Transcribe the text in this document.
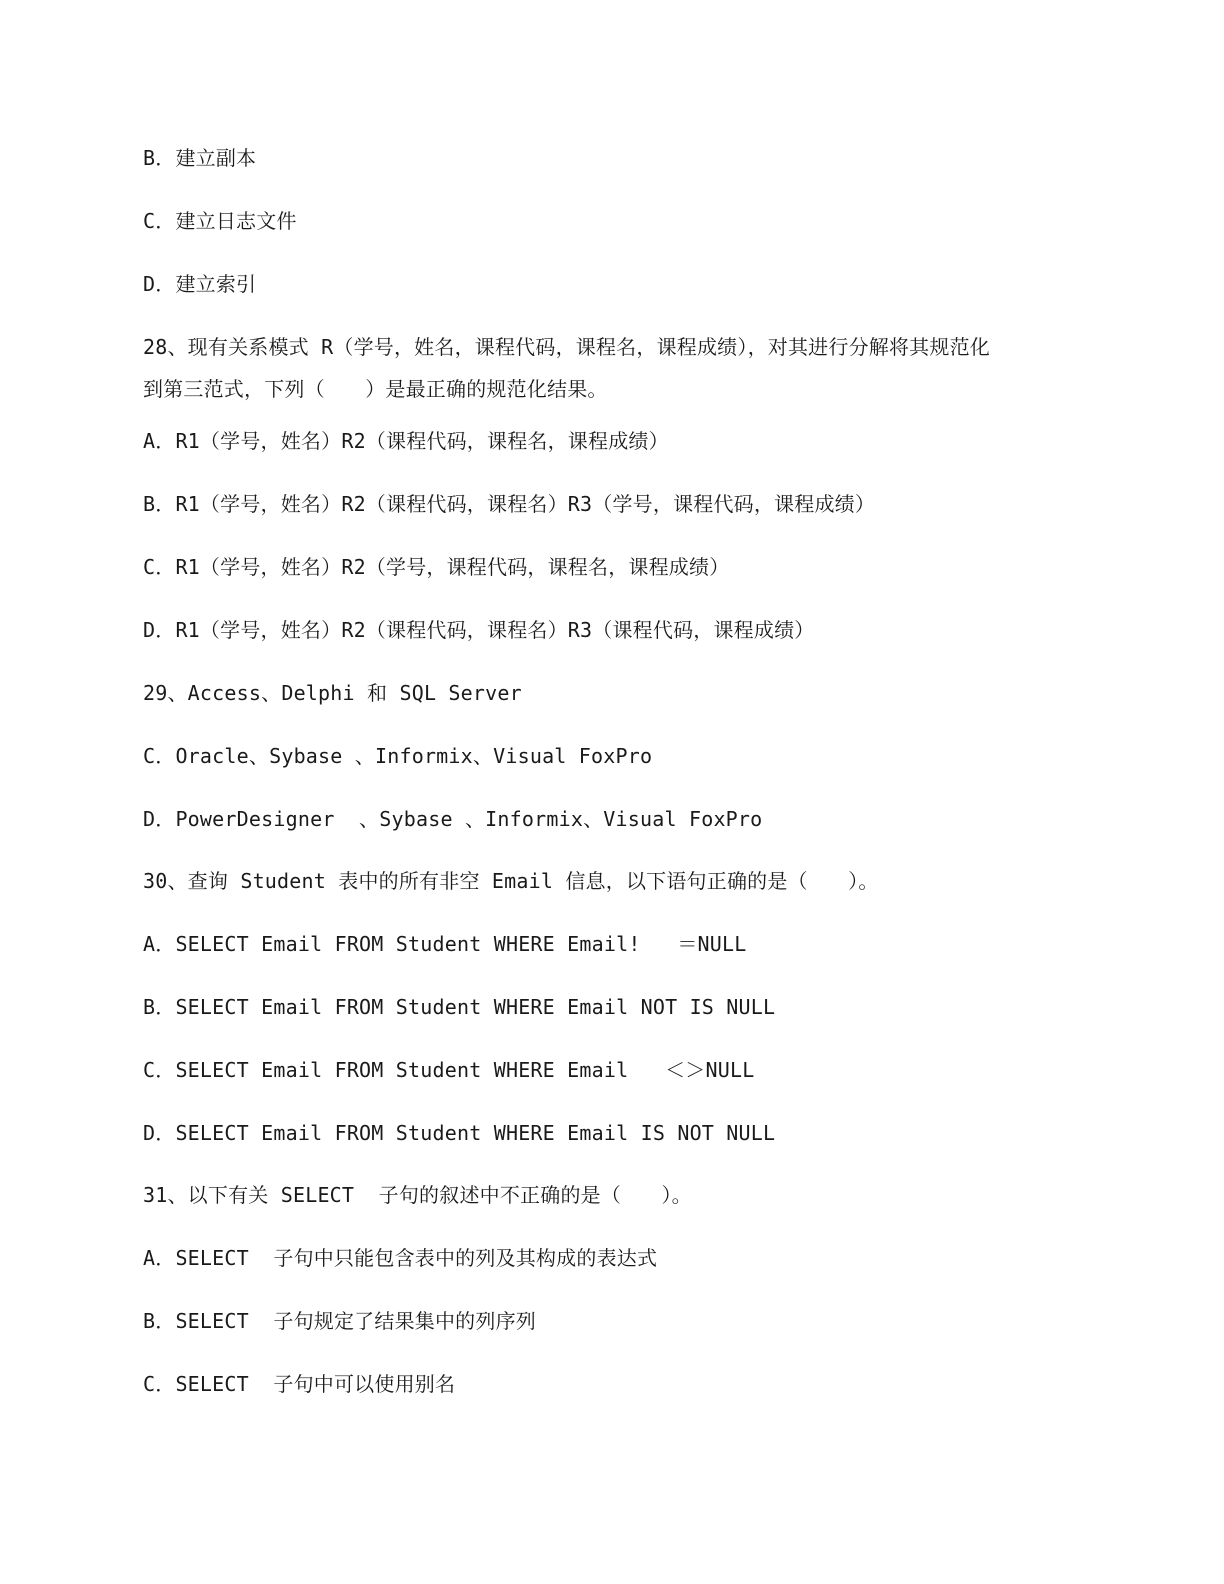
B．建立副本
C．建立日志文件
D．建立索引
28、现有关系模式 R（学号，姓名，课程代码，课程名，课程成绩），对其进行分解将其规范化
到第三范式，下列（　　）是最正确的规范化结果。
A．R1（学号，姓名）R2（课程代码，课程名，课程成绩）
B．R1（学号，姓名）R2（课程代码，课程名）R3（学号，课程代码，课程成绩）
C．R1（学号，姓名）R2（学号，课程代码，课程名，课程成绩）
D．R1（学号，姓名）R2（课程代码，课程名）R3（课程代码，课程成绩）
29、Access、Delphi 和 SQL Server
C．Oracle、Sybase 、Informix、Visual FoxPro
D．PowerDesigner  、Sybase 、Informix、Visual FoxPro
30、查询 Student 表中的所有非空 Email 信息，以下语句正确的是（　　）。
A．SELECT Email FROM Student WHERE Email!   ＝NULL
B．SELECT Email FROM Student WHERE Email NOT IS NULL
C．SELECT Email FROM Student WHERE Email   ＜＞NULL
D．SELECT Email FROM Student WHERE Email IS NOT NULL
31、以下有关 SELECT  子句的叙述中不正确的是（　　）。
A．SELECT  子句中只能包含表中的列及其构成的表达式
B．SELECT  子句规定了结果集中的列序列
C．SELECT  子句中可以使用别名
